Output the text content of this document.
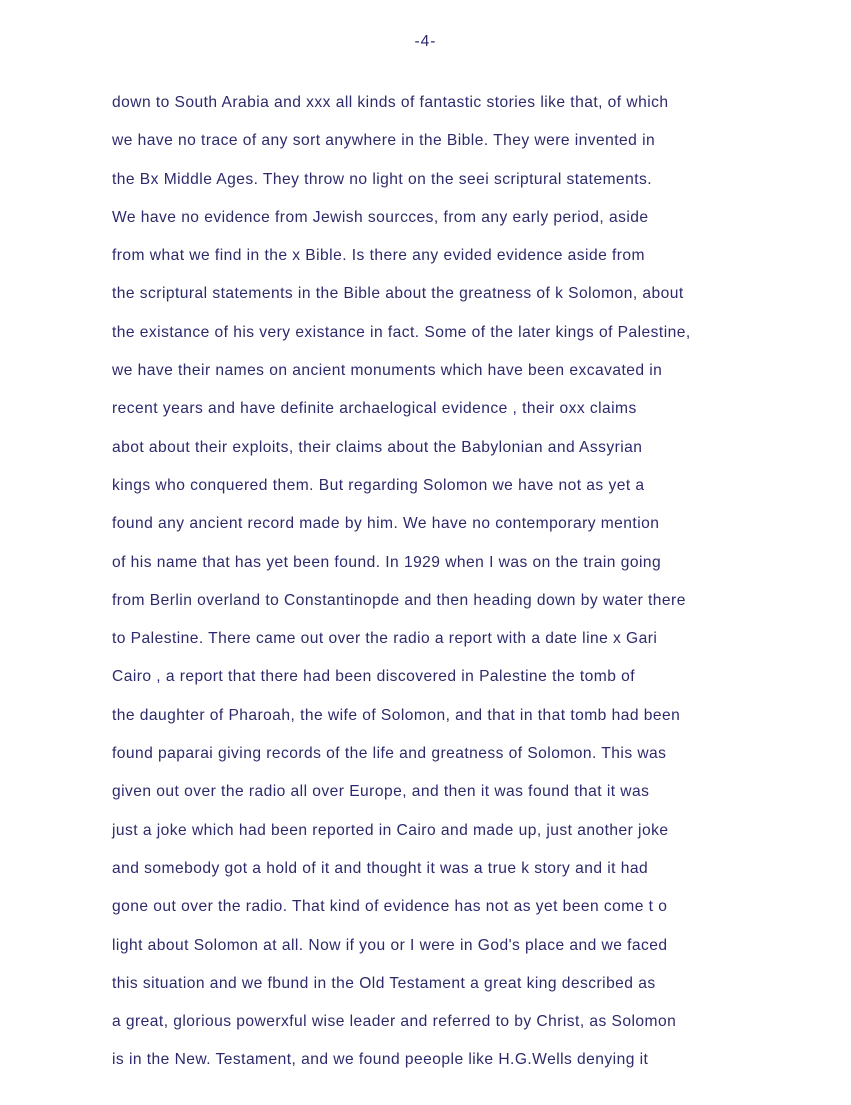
-4-
down to South Arabia and xxx all kinds of fantastic stories like that, of which
we have no trace of any sort anywhere in the Bible. They were invented in
the Bx Middle Ages. They throw no light on the seei scriptural statements.
We have no evidence from Jewish sourcces, from any early period, aside
from what we find in the x Bible. Is there any evided evidence aside from
the scriptural statements in the Bible about the greatness of k Solomon, about
the existance of his very existance in fact. Some of the later kings of Palestine,
we have their names on ancient monuments which have been excavated in
recent years and have definite archaelogical evidence , their oxx claims
abot about their exploits, their claims about the Babylonian and Assyrian
kings who conquered them. But regarding Solomon we have not as yet a
found any ancient record made by him. We have no contemporary mention
of his name that has yet been found. In 1929 when I was on the train going
from Berlin overland to Constantinopde and then heading down by water there
to Palestine. There came out over the radio a report with a date line x Gari
Cairo , a report that there had been discovered in Palestine the tomb of
the daughter of Pharoah, the wife of Solomon, and that in that tomb had been
found paparai giving records of the life and greatness of Solomon. This was
given out over the radio all over Europe, and then it was found that it was
just a joke which had been reported in Cairo and made up, just another joke
and somebody got a hold of it and thought it was a true k story and it had
gone out over the radio. That kind of evidence has not as yet been come t o
light about Solomon at all. Now if you or I were in God's place and we faced
this situation and we fbund in the Old Testament a great king described as
a great, glorious powerxful wise leader and referred to by Christ, as Solomon
is in the New. Testament, and we found peeople like H.G.Wells denying it
